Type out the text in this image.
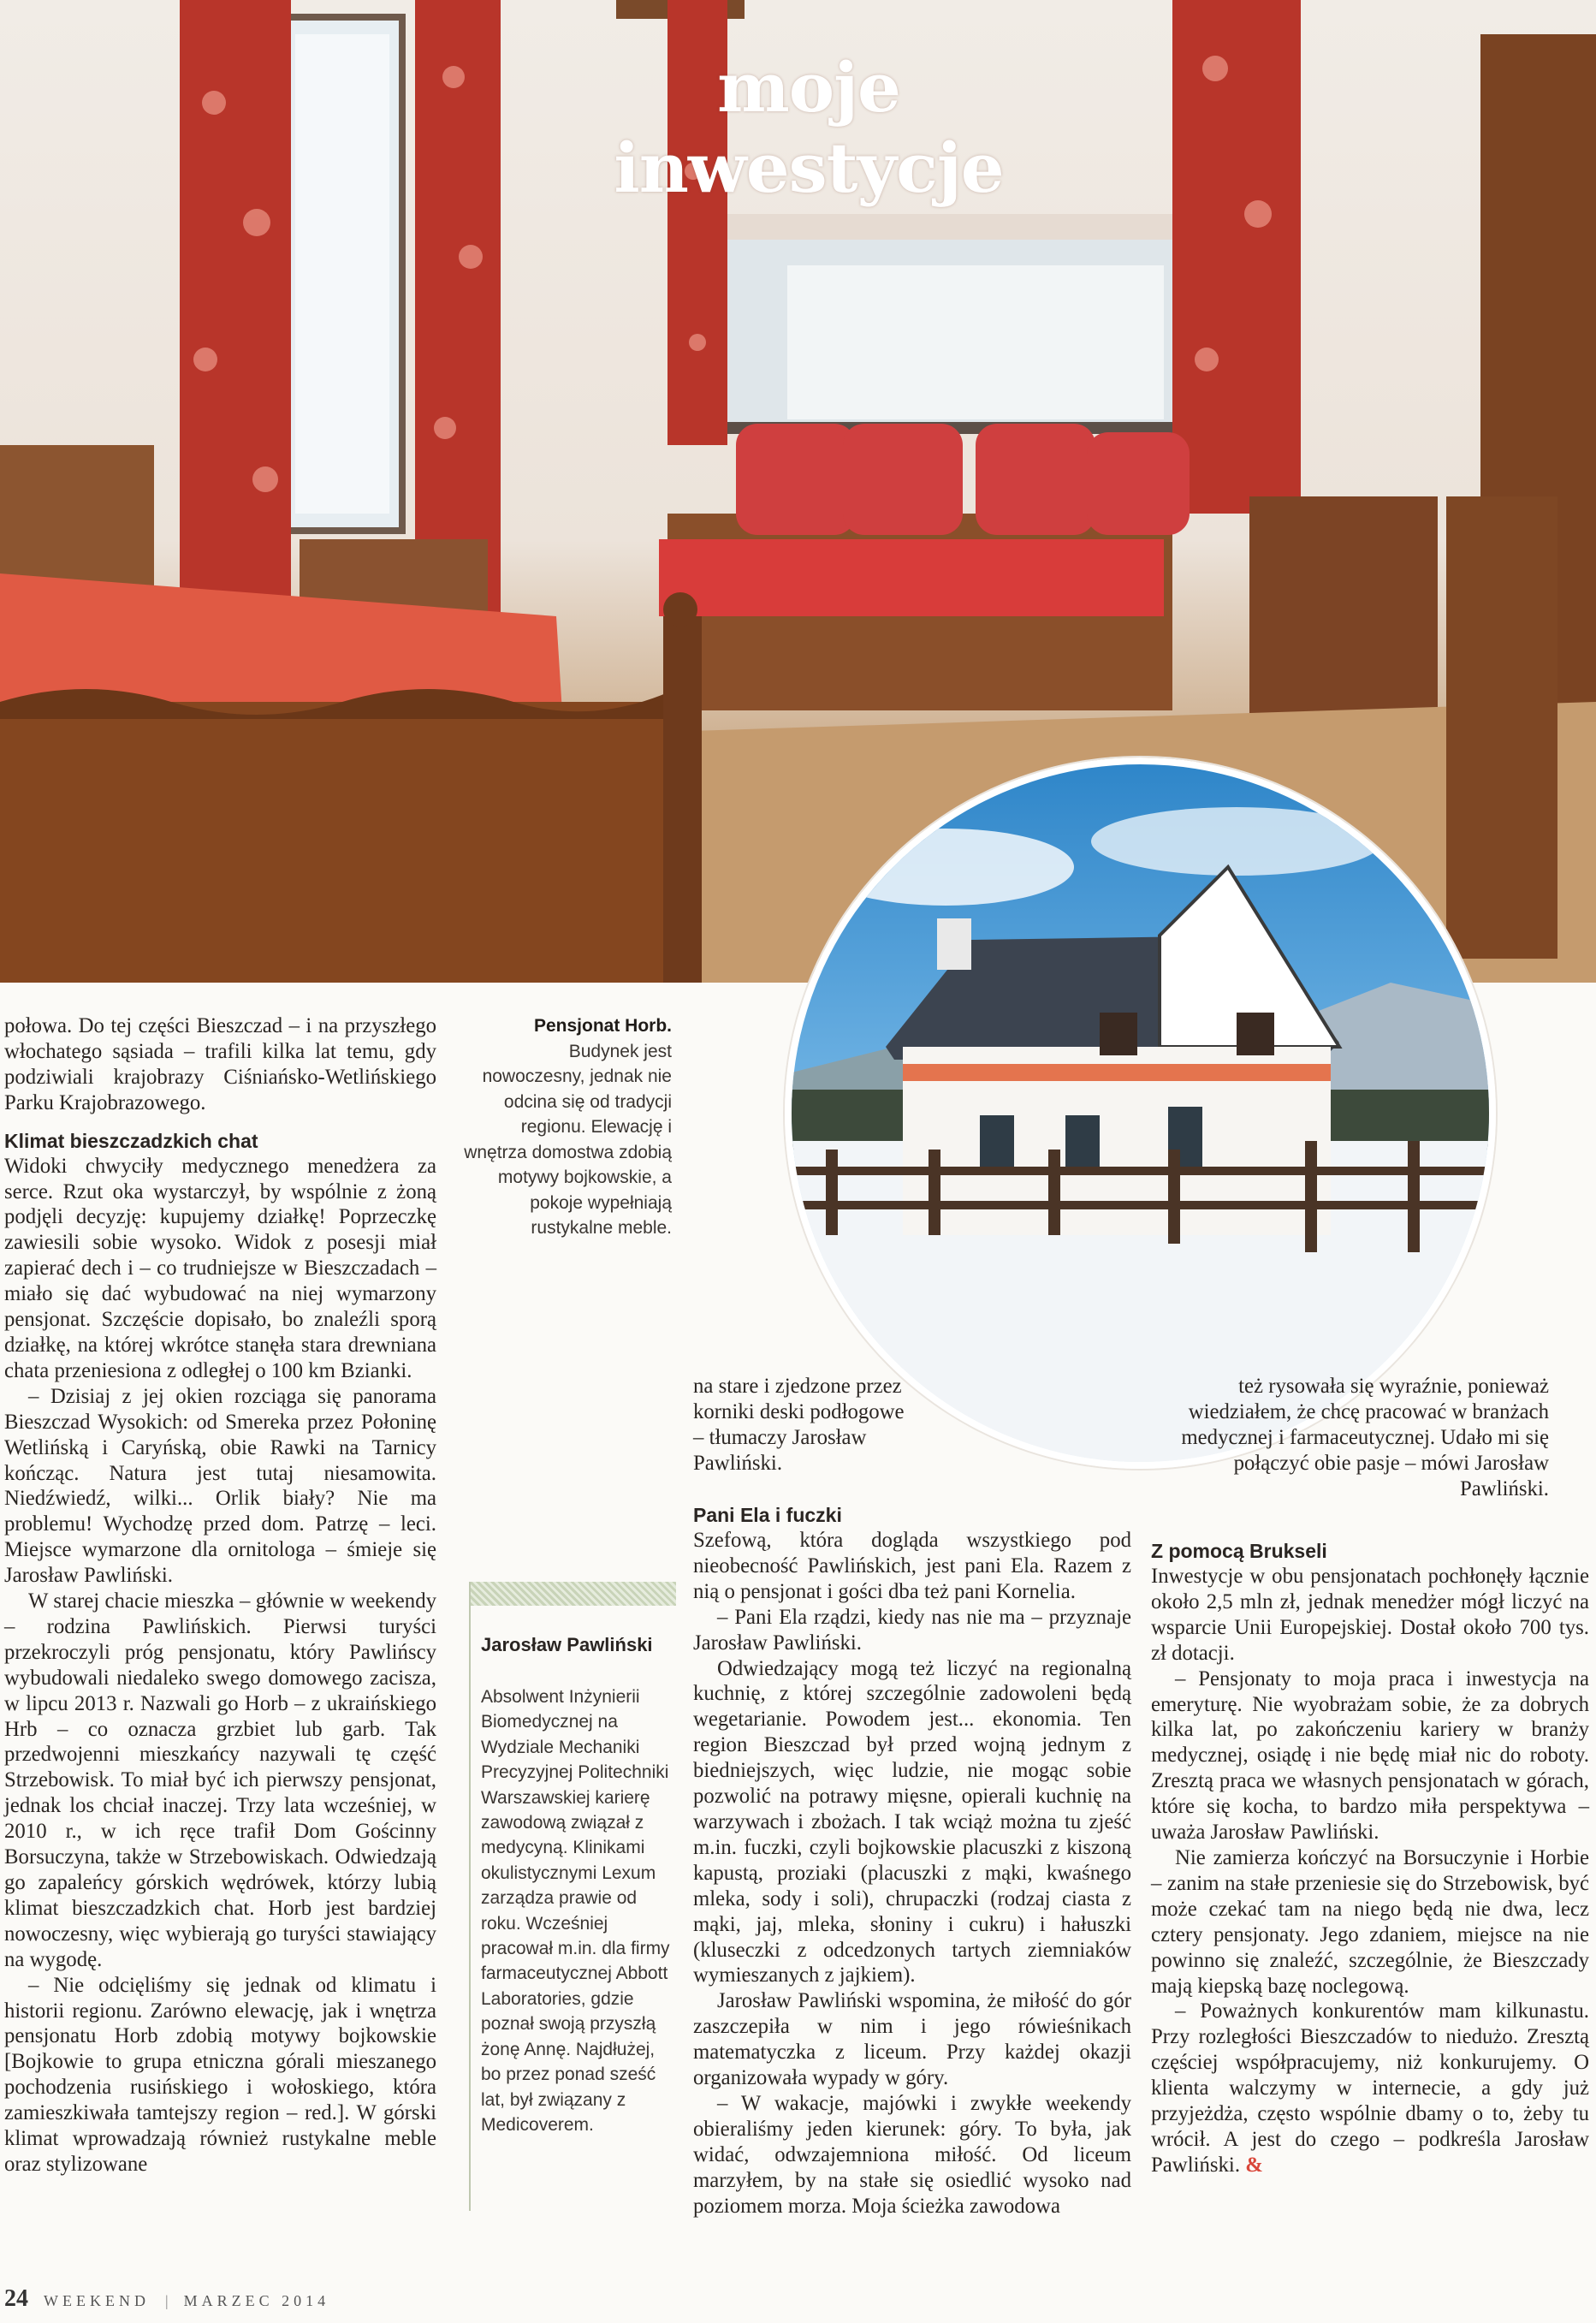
moje inwestycje

połowa. Do tej części Bieszczad – i na przyszłego włochatego sąsiada – trafili kilka lat temu, gdy podziwiali krajobrazy Ciśniańsko-Wetlińskiego Parku Krajobrazowego.

Klimat bieszczadzkich chat

Widoki chwyciły medycznego menedżera za serce. Rzut oka wystarczył, by wspólnie z żoną podjęli decyzję: kupujemy działkę! Poprzeczkę zawiesili sobie wysoko. Widok z posesji miał zapierać dech i – co trudniejsze w Bieszczadach – miało się dać wybudować na niej wymarzony pensjonat. Szczęście dopisało, bo znaleźli sporą działkę, na której wkrótce stanęła stara drewniana chata przeniesiona z odległej o 100 km Bzianki.

– Dzisiaj z jej okien rozciąga się panorama Bieszczad Wysokich: od Smereka przez Połoninę Wetlińską i Caryńską, obie Rawki na Tarnicy kończąc. Natura jest tutaj niesamowita. Niedźwiedź, wilki... Orlik biały? Nie ma problemu! Wychodzę przed dom. Patrzę – leci. Miejsce wymarzone dla ornitologa – śmieje się Jarosław Pawliński.

W starej chacie mieszka – głównie w weekendy – rodzina Pawlińskich. Pierwsi turyści przekroczyli próg pensjonatu, który Pawlińscy wybudowali niedaleko swego domowego zacisza, w lipcu 2013 r. Nazwali go Horb – z ukraińskiego Hrb – co oznacza grzbiet lub garb. Tak przedwojenni mieszkańcy nazywali tę część Strzebowisk. To miał być ich pierwszy pensjonat, jednak los chciał inaczej. Trzy lata wcześniej, w 2010 r., w ich ręce trafił Dom Gościnny Borsuczyna, także w Strzebowiskach. Odwiedzają go zapaleńcy górskich wędrówek, którzy lubią klimat bieszczadzkich chat. Horb jest bardziej nowoczesny, więc wybierają go turyści stawiający na wygodę.

– Nie odcięliśmy się jednak od klimatu i historii regionu. Zarówno elewację, jak i wnętrza pensjonatu Horb zdobią motywy bojkowskie [Bojkowie to grupa etniczna górali mieszanego pochodzenia rusińskiego i wołoskiego, która zamieszkiwała tamtejszy region – red.]. W górski klimat wprowadzają również rustykalne meble oraz stylizowane

Pensjonat Horb.
Budynek jest nowoczesny, jednak nie odcina się od tradycji regionu. Elewację i wnętrza domostwa zdobią motywy bojkowskie, a pokoje wypełniają rustykalne meble.
Jarosław Pawliński
Absolwent Inżynierii Biomedycznej na Wydziale Mechaniki Precyzyjnej Politechniki Warszawskiej karierę zawodową związał z medycyną. Klinikami okulistycznymi Lexum zarządza prawie od roku. Wcześniej pracował m.in. dla firmy farmaceutycznej Abbott Laboratories, gdzie poznał swoją przyszłą żonę Annę. Najdłużej, bo przez ponad sześć lat, był związany z Medicoverem.

na stare i zjedzone przez korniki deski podłogowe – tłumaczy Jarosław Pawliński.

Pani Ela i fuczki

Szefową, która dogląda wszystkiego pod nieobecność Pawlińskich, jest pani Ela. Razem z nią o pensjonat i gości dba też pani Kornelia.

– Pani Ela rządzi, kiedy nas nie ma – przyznaje Jarosław Pawliński.

Odwiedzający mogą też liczyć na regionalną kuchnię, z której szczególnie zadowoleni będą wegetarianie. Powodem jest... ekonomia. Ten region Bieszczad był przed wojną jednym z biedniejszych, więc ludzie, nie mogąc sobie pozwolić na potrawy mięsne, opierali kuchnię na warzywach i zbożach. I tak wciąż można tu zjeść m.in. fuczki, czyli bojkowskie placuszki z kiszoną kapustą, proziaki (placuszki z mąki, kwaśnego mleka, sody i soli), chrupaczki (rodzaj ciasta z mąki, jaj, mleka, słoniny i cukru) i hałuszki (kluseczki z odcedzonych tartych ziemniaków wymieszanych z jajkiem).

Jarosław Pawliński wspomina, że miłość do gór zaszczepiła w nim i jego rówieśnikach matematyczka z liceum. Przy każdej okazji organizowała wypady w góry.

– W wakacje, majówki i zwykłe weekendy obieraliśmy jeden kierunek: góry. To była, jak widać, odwzajemniona miłość. Od liceum marzyłem, by na stałe się osiedlić wysoko nad poziomem morza. Moja ścieżka zawodowa

też rysowała się wyraźnie, ponieważ wiedziałem, że chcę pracować w branżach medycznej i farmaceutycznej. Udało mi się połączyć obie pasje – mówi Jarosław Pawliński.

Z pomocą Brukseli

Inwestycje w obu pensjonatach pochłonęły łącznie około 2,5 mln zł, jednak menedżer mógł liczyć na wsparcie Unii Europejskiej. Dostał około 700 tys. zł dotacji.

– Pensjonaty to moja praca i inwestycja na emeryturę. Nie wyobrażam sobie, że za dobrych kilka lat, po zakończeniu kariery w branży medycznej, osiądę i nie będę miał nic do roboty. Zresztą praca we własnych pensjonatach w górach, które się kocha, to bardzo miła perspektywa – uważa Jarosław Pawliński.

Nie zamierza kończyć na Borsuczynie i Horbie – zanim na stałe przeniesie się do Strzebowisk, być może czekać tam na niego będą nie dwa, lecz cztery pensjonaty. Jego zdaniem, miejsce na nie powinno się znaleźć, szczególnie, że Bieszczady mają kiepską bazę noclegową.

– Poważnych konkurentów mam kilkunastu. Przy rozległości Bieszczadów to niedużo. Zresztą częściej współpracujemy, niż konkurujemy. O klienta walczymy w internecie, a gdy już przyjeżdża, często wspólnie dbamy o to, żeby tu wrócił. A jest do czego – podkreśla Jarosław Pawliński. &

24 WEEKEND | MARZEC 2014
